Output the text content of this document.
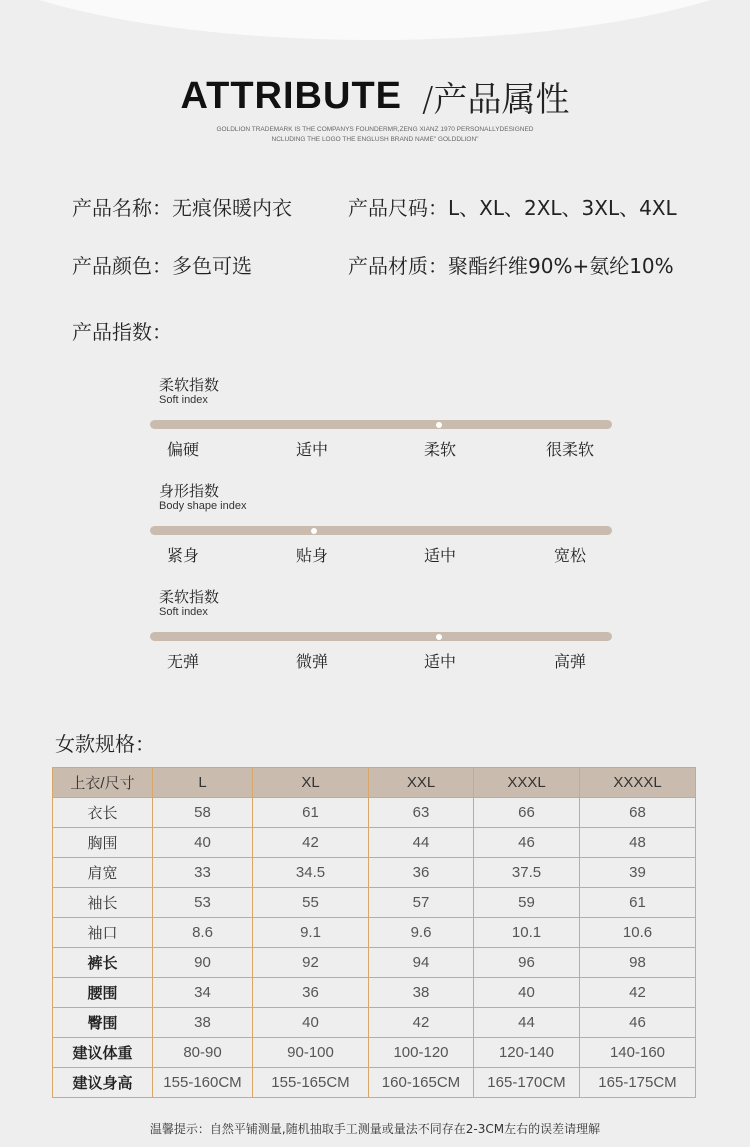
ATTRIBUTE /产品属性
GOLDLION TRADEMARK IS THE COMPANYS FOUNDERMR,ZENG XIANZ 1970 PERSONALLYDESIGNED
NCLUDING THE LOGO THE ENGLUSH BRAND NAME" GOLDDLION"
产品名称：无痕保暖内衣	产品尺码：L、XL、2XL、3XL、4XL
产品颜色：多色可选	产品材质：聚酯纤维90%+氨纶10%
产品指数：
柔软指数
Soft index
偏硬	适中	柔软	很柔软
身形指数
Body shape index
紧身	贴身	适中	宽松
柔软指数
Soft index
无弹	微弹	适中	高弹
女款规格：
上衣/尺寸	L	XL	XXL	XXXL	XXXXL
衣长	58	61	63	66	68
胸围	40	42	44	46	48
肩宽	33	34.5	36	37.5	39
袖长	53	55	57	59	61
袖口	8.6	9.1	9.6	10.1	10.6
裤长	90	92	94	96	98
腰围	34	36	38	40	42
臀围	38	40	42	44	46
建议体重	80-90	90-100	100-120	120-140	140-160
建议身高	155-160CM	155-165CM	160-165CM	165-170CM	165-175CM
温馨提示：自然平铺测量,随机抽取手工测量或量法不同存在2-3CM左右的误差请理解
